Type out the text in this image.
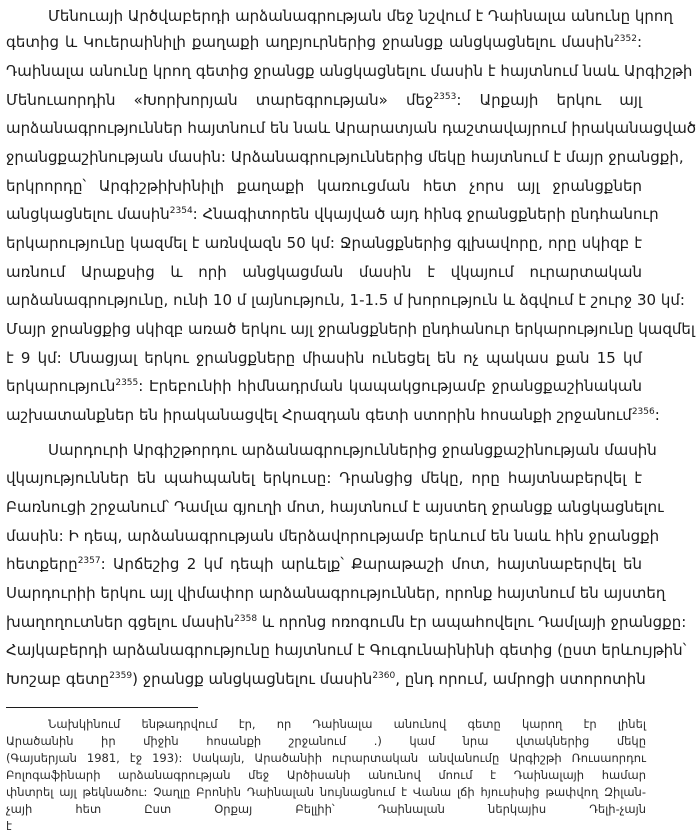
Մենուայի Արծվաբերդի արձանագրության մեջ նշվում է Դաինալա անունը կրող
գետից և Կուերաինիլի քաղաքի աղբյուրներից ջրանցք անցկացնելու մասին$^{2352}$:
Դաինալա անունը կրող գետից ջրանցք անցկացնելու մասին է հայտնում նաև Արգիշթի
Մենուաորդին «Խորխորյան տարեգրության» մեջ$^{2353}$: Արքայի երկու այլ
արձանագրություններ հայտնում են նաև Արարատյան դաշտավայրում իրականացված
ջրանցքաշինության մասին: Արձանագրություններից մեկը հայտնում է մայր ջրանցքի,
երկրորդը՝ Արգիշթիխինիլի քաղաքի կառուցման հետ չորս այլ ջրանցքներ
անցկացնելու մասին$^{2354}$: Հնագիտորեն վկայված այդ հինգ ջրանցքների ընդհանուր
երկարությունը կազմել է առնվազն 50 կմ: Ջրանցքներից գլխավորը, որը սկիզբ է
առնում Արաքսից և որի անցկացման մասին է վկայում ուրարտական
արձանագրությունը, ունի 10 մ լայնություն, 1-1.5 մ խորություն և ձգվում է շուրջ 30 կմ:
Մայր ջրանցքից սկիզբ առած երկու այլ ջրանցքների ընդհանուր երկարությունը կազմել
է 9 կմ: Մնացյալ երկու ջրանցքները միասին ունեցել են ոչ պակաս քան 15 կմ
երկարություն$^{2355}$: Էրեբունիի հիմնադրման կապակցությամբ ջրանցքաշինական
աշխատանքներ են իրականացվել Հրազդան գետի ստորին հոսանքի շրջանում$^{2356}$:
Սարդուրի Արգիշթորդու արձանագրություններից ջրանցքաշինության մասին
վկայություններ են պահպանել երկուսը: Դրանցից մեկը, որը հայտնաբերվել է
Բառնուցի շրջանում՝ Դամլա գյուղի մոտ, հայտնում է այստեղ ջրանցք անցկացնելու
մասին: Ի դեպ, արձանագրության մերձավորությամբ երևում են նաև հին ջրանցքի
հետքերը$^{2357}$: Արճեշից 2 կմ դեպի արևելք՝ Քարաթաշի մոտ, հայտնաբերվել են
Սարդուրիի երկու այլ վիմափոր արձանագրություններ, որոնք հայտնում են այստեղ
խաղողուտներ գցելու մասին$^{2358}$ և որոնց ոռոգումն էր ապահովելու Դամլայի ջրանցքը:
Հայկաբերդի արձանագրությունը հայտնում է Գուգունաինինի գետից (ըստ երևույթին՝
Խոշաբ գետը$^{2359}$) ջրանցք անցկացնելու մասին$^{2360}$, ընդ որում, ամրոցի ստորոտին
Նախկինում ենթադրվում էր, որ Դաինալա անունով գետը կարող էր լինել
Արածանին իր միջին հոսանքի շրջանում .) կամ նրա վտակներից մեկը
(Գայսերյան 1981, էջ 193): Սակայն, Արածանիի ուրարտական անվանումը Արգիշթի Ռուսաորդու
Բոլոգաֆինարի արձանագրության մեջ Արծիսանի անունով մոում է Դաինալայի համար
փնտրել այլ թեկնածու: Չաղլը Բրոնին Դաինալան նույնացնում է Վանա լճի հյուսիսից թափվող Զիլան-
չայի հետ Ըստ Օրքայ Բելլիի՝ Դաինալան ներկայիս Դելի-չայն
է
